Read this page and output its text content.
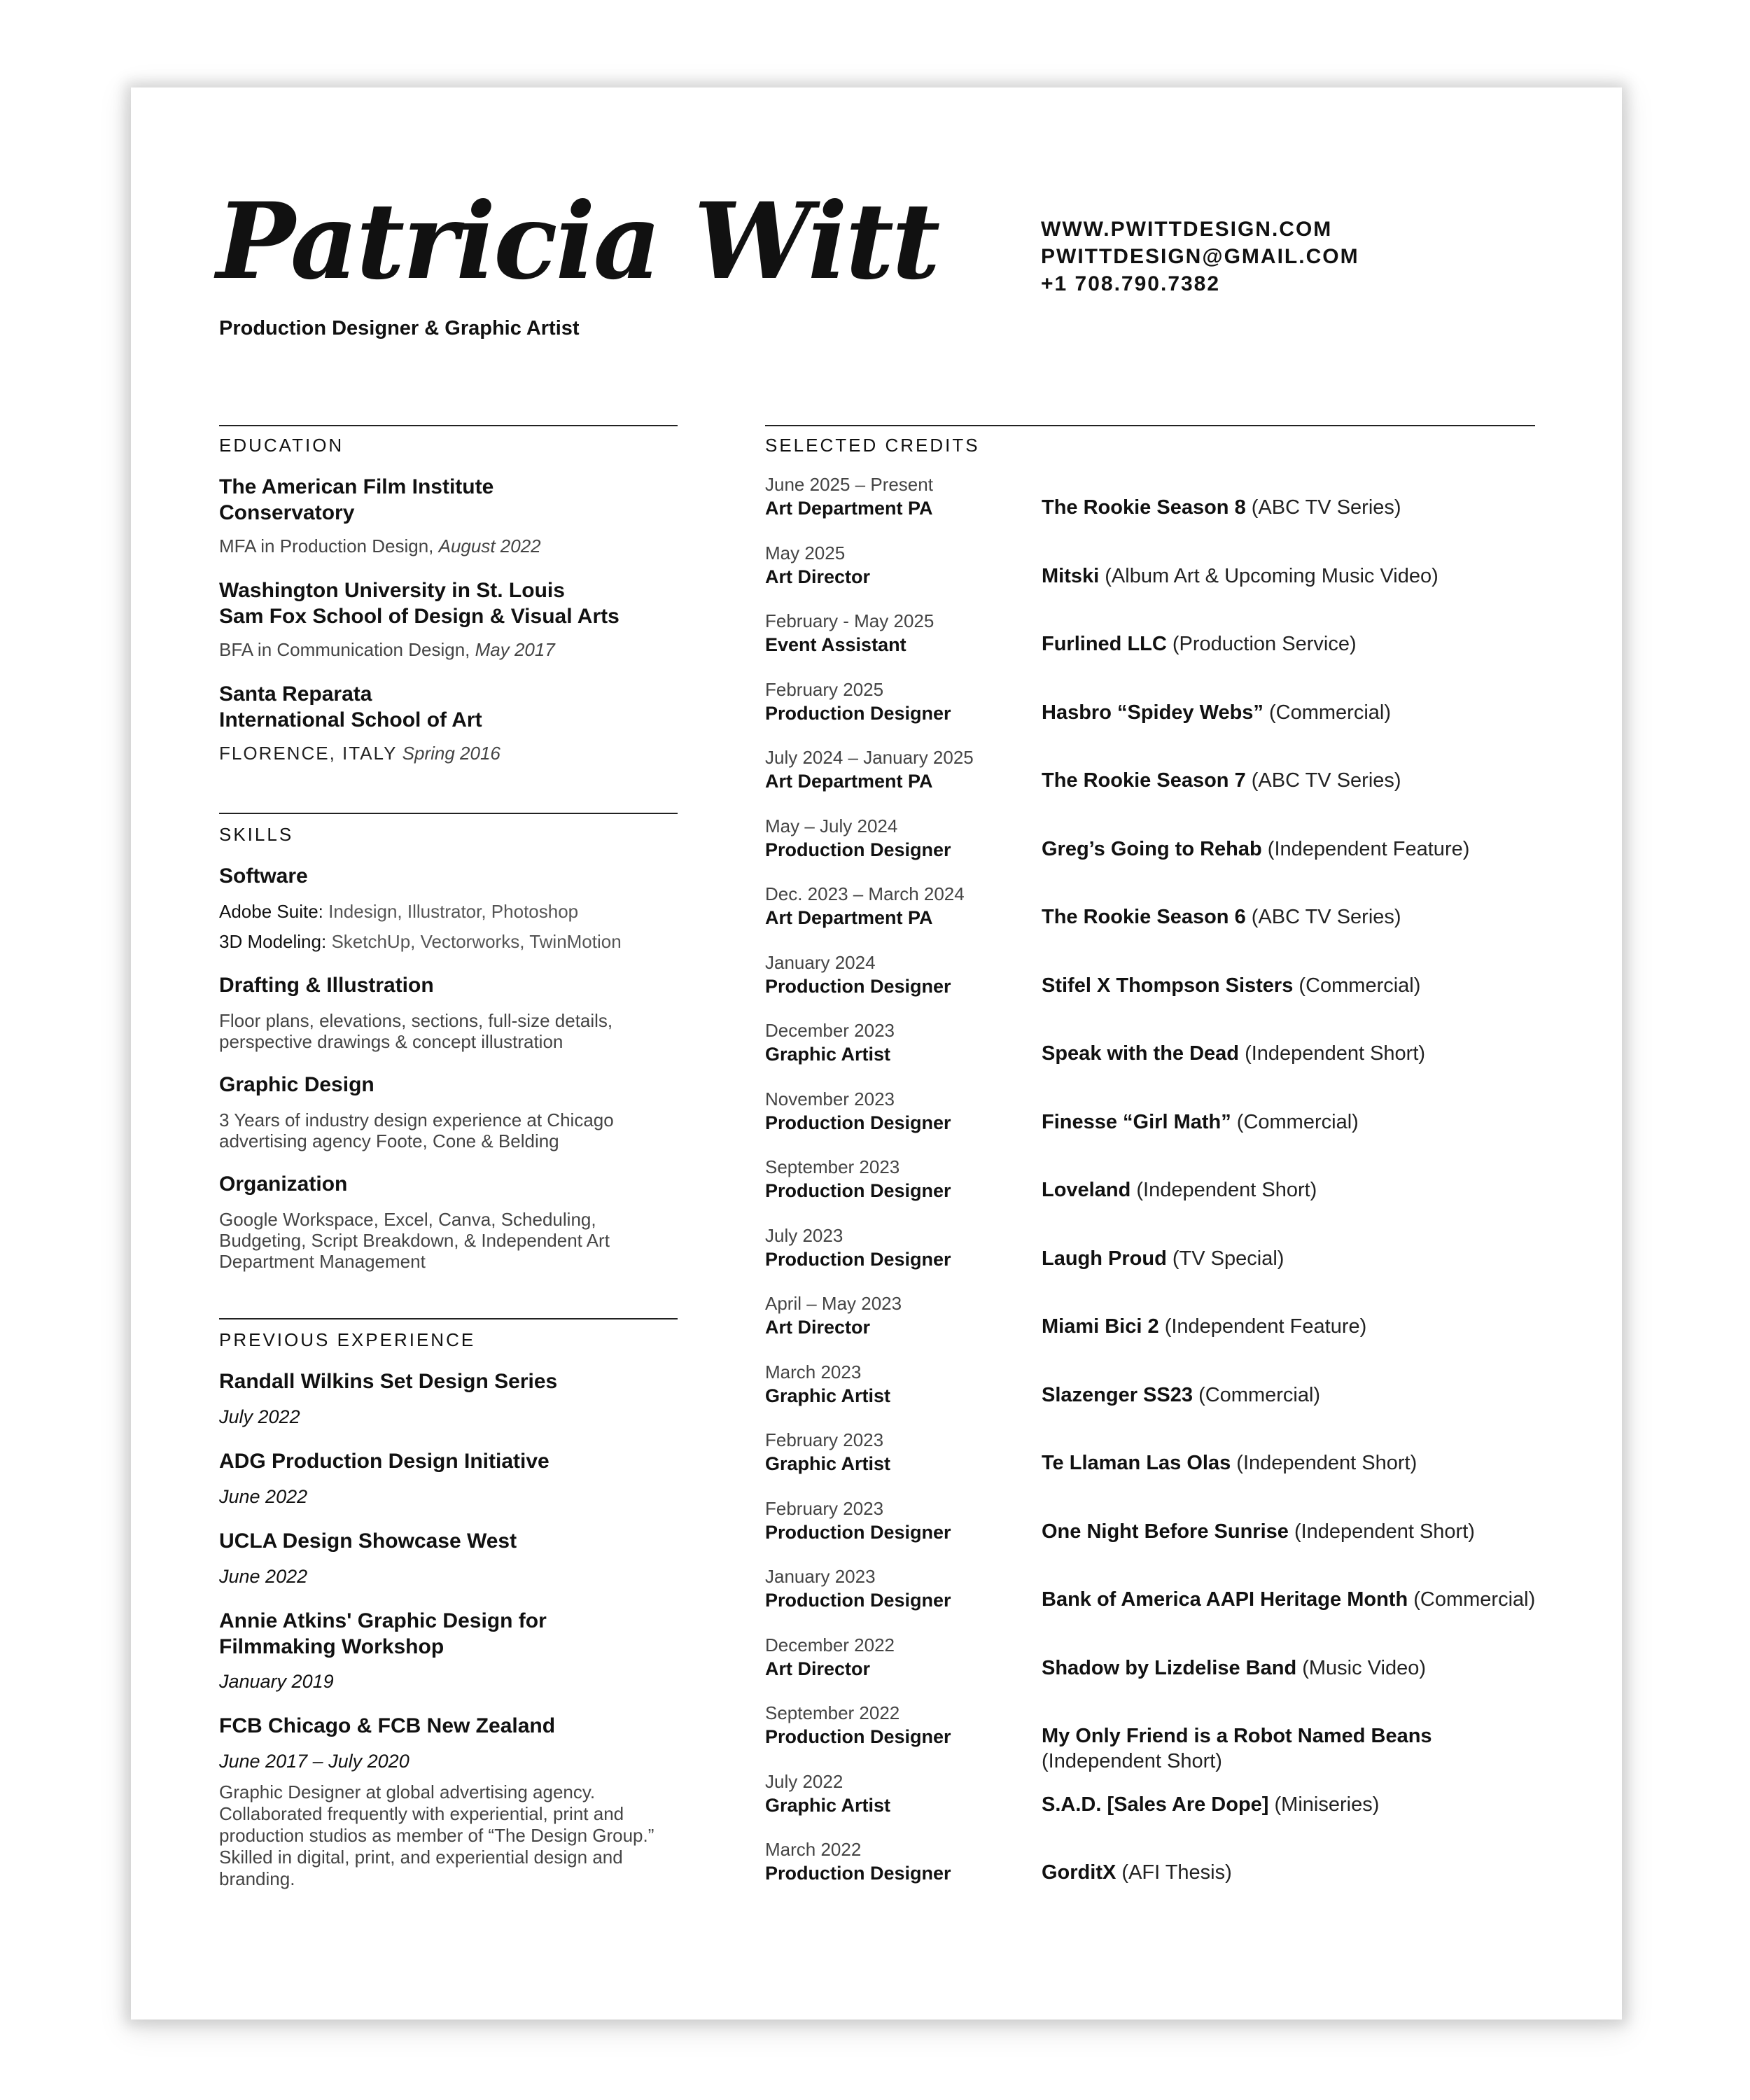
Patricia Witt
Production Designer & Graphic Artist
WWW.PWITTDESIGN.COM
PWITTDESIGN@GMAIL.COM
+1 708.790.7382
EDUCATION
The American Film Institute
Conservatory
MFA in Production Design, August 2022
Washington University in St. Louis
Sam Fox School of Design & Visual Arts
BFA in Communication Design, May 2017
Santa Reparata
International School of Art
FLORENCE, ITALY Spring 2016
SKILLS
Software
Adobe Suite: Indesign, Illustrator, Photoshop
3D Modeling: SketchUp, Vectorworks, TwinMotion
Drafting & Illustration
Floor plans, elevations, sections, full-size details, perspective drawings & concept illustration
Graphic Design
3 Years of industry design experience at Chicago advertising agency Foote, Cone & Belding
Organization
Google Workspace, Excel, Canva, Scheduling, Budgeting, Script Breakdown, & Independent Art Department Management
PREVIOUS EXPERIENCE
Randall Wilkins Set Design Series
July 2022
ADG Production Design Initiative
June 2022
UCLA Design Showcase West
June 2022
Annie Atkins' Graphic Design for
Filmmaking Workshop
January 2019
FCB Chicago & FCB New Zealand
June 2017 – July 2020
Graphic Designer at global advertising agency. Collaborated frequently with experiential, print and production studios as member of “The Design Group.” Skilled in digital, print, and experiential design and branding.
SELECTED CREDITS
June 2025 – Present
Art Department PA	The Rookie Season 8 (ABC TV Series)
May 2025
Art Director	Mitski (Album Art & Upcoming Music Video)
February - May 2025
Event Assistant	Furlined LLC (Production Service)
February 2025
Production Designer	Hasbro “Spidey Webs” (Commercial)
July 2024 – January 2025
Art Department PA	The Rookie Season 7 (ABC TV Series)
May – July 2024
Production Designer	Greg’s Going to Rehab (Independent Feature)
Dec. 2023 – March 2024
Art Department PA	The Rookie Season 6 (ABC TV Series)
January 2024
Production Designer	Stifel X Thompson Sisters (Commercial)
December 2023
Graphic Artist	Speak with the Dead (Independent Short)
November 2023
Production Designer	Finesse “Girl Math” (Commercial)
September 2023
Production Designer	Loveland (Independent Short)
July 2023
Production Designer	Laugh Proud (TV Special)
April – May 2023
Art Director	Miami Bici 2 (Independent Feature)
March 2023
Graphic Artist	Slazenger SS23 (Commercial)
February 2023
Graphic Artist	Te Llaman Las Olas (Independent Short)
February 2023
Production Designer	One Night Before Sunrise (Independent Short)
January 2023
Production Designer	Bank of America AAPI Heritage Month (Commercial)
December 2022
Art Director	Shadow by Lizdelise Band (Music Video)
September 2022
Production Designer	My Only Friend is a Robot Named Beans (Independent Short)
July 2022
Graphic Artist	S.A.D. [Sales Are Dope] (Miniseries)
March 2022
Production Designer	GorditX (AFI Thesis)
